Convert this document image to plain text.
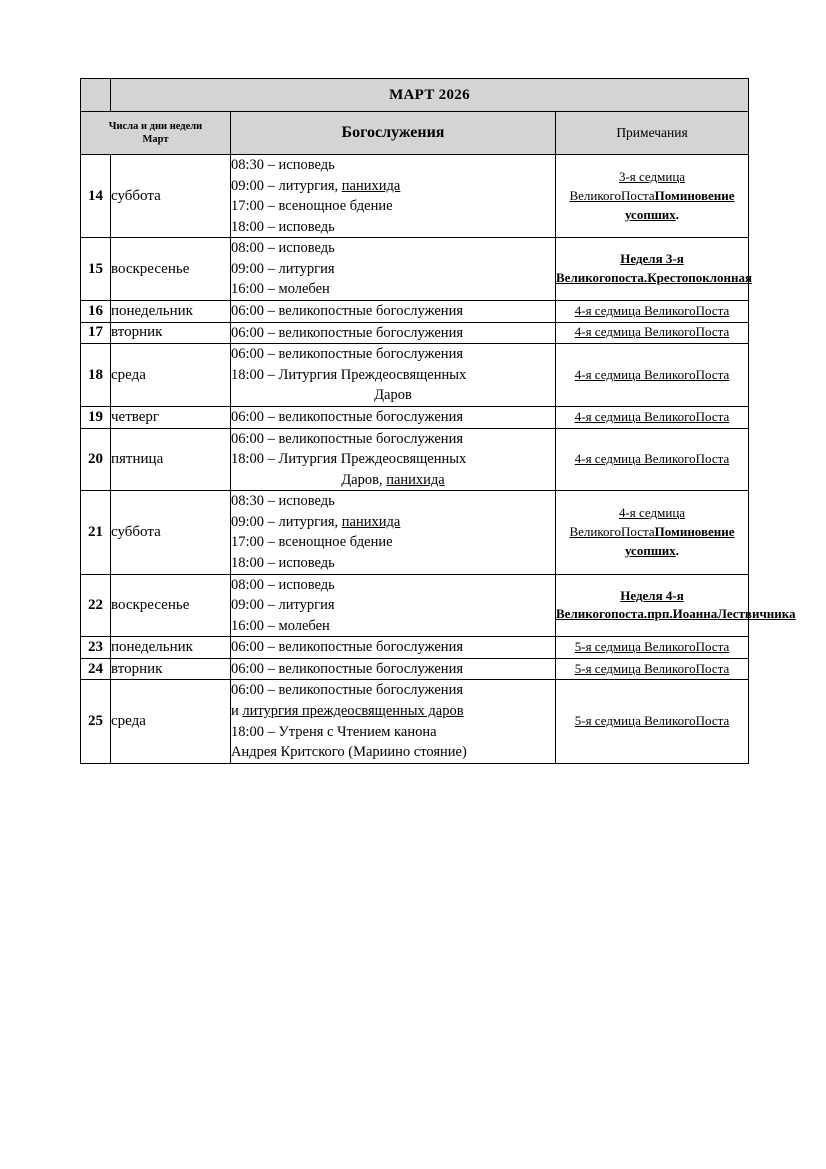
	МАРТ 2026		
Числа и дни недели
Март		Богослужения	Примечания
14	суббота	08:30 – исповедь
09:00 – литургия, панихида
17:00 – всенощное бдение
18:00 – исповедь	3-я седмица ВеликогоПостаПоминовение усопших.
15	воскресенье	08:00 – исповедь
09:00 – литургия
16:00 – молебен	Неделя 3-я Великогопоста.Крестопоклонная
16	понедельник	06:00 – великопостные богослужения	4-я седмица ВеликогоПоста
17	вторник	06:00 – великопостные богослужения	4-я седмица ВеликогоПоста
18	среда	06:00 – великопостные богослужения
18:00 – Литургия Преждеосвященных
Даров	4-я седмица ВеликогоПоста
19	четверг	06:00 – великопостные богослужения	4-я седмица ВеликогоПоста
20	пятница	06:00 – великопостные богослужения
18:00 – Литургия Преждеосвященных
Даров, панихида	4-я седмица ВеликогоПоста
21	суббота	08:30 – исповедь
09:00 – литургия, панихида
17:00 – всенощное бдение
18:00 – исповедь	4-я седмица ВеликогоПостаПоминовение усопших.
22	воскресенье	08:00 – исповедь
09:00 – литургия
16:00 – молебен	Неделя 4-я Великогопоста.прп.ИоаннаЛествичника
23	понедельник	06:00 – великопостные богослужения	5-я седмица ВеликогоПоста
24	вторник	06:00 – великопостные богослужения	5-я седмица ВеликогоПоста
25	среда	06:00 – великопостные богослужения
и литургия преждеосвященных даров
18:00 – Утреня с Чтением канона
Андрея Критского (Мариино стояние)	5-я седмица ВеликогоПоста
